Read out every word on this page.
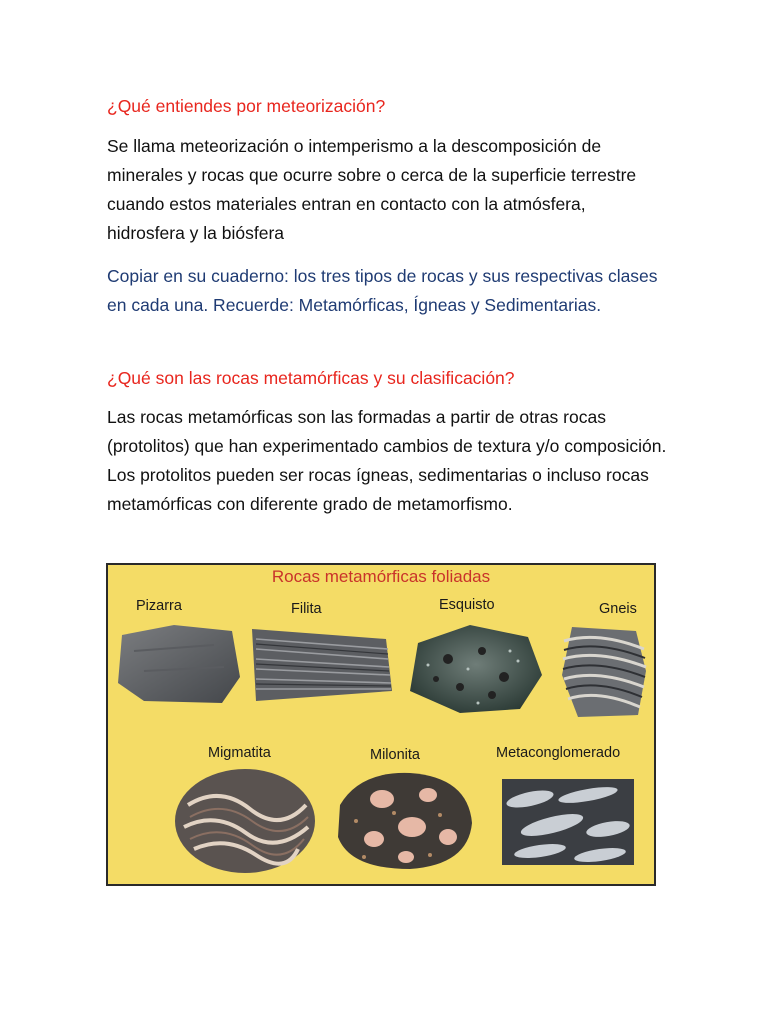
¿Qué entiendes por meteorización?

Se llama meteorización o intemperismo a la descomposición de minerales y rocas que ocurre sobre o cerca de la superficie terrestre cuando estos materiales entran en contacto con la atmósfera, hidrosfera y la biósfera

Copiar en su cuaderno: los tres tipos de rocas y sus respectivas clases en cada una. Recuerde: Metamórficas, Ígneas y Sedimentarias.

¿Qué son las rocas metamórficas y su clasificación?

Las rocas metamórficas son las formadas a partir de otras rocas (protolitos) que han experimentado cambios de textura y/o composición. Los protolitos pueden ser rocas ígneas, sedimentarias o incluso rocas metamórficas con diferente grado de metamorfismo.

Rocas metamórficas foliadas
Pizarra	Filita	Esquisto	Gneis
Migmatita	Milonita	Metaconglomerado
